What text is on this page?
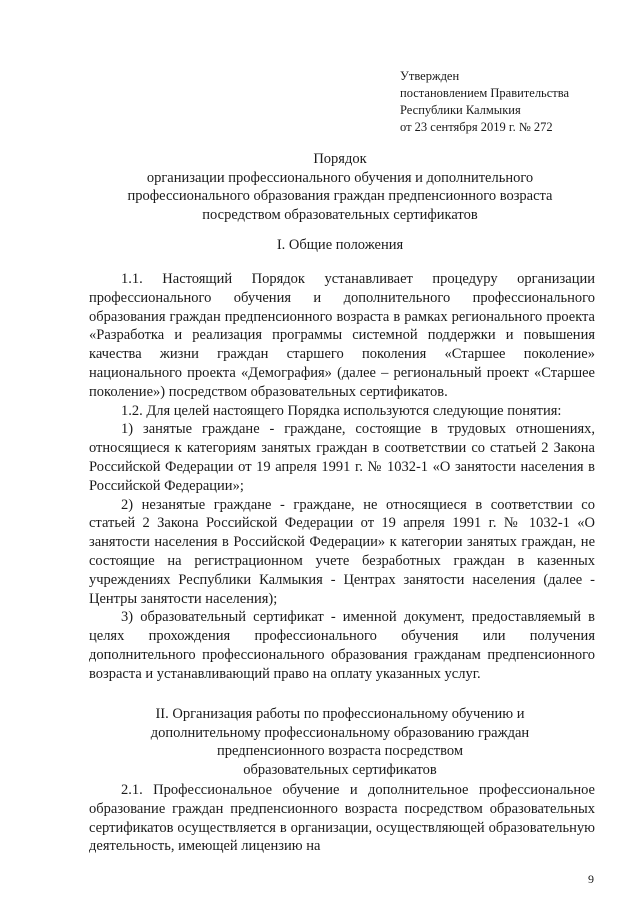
Утвержден
постановлением Правительства
Республики Калмыкия
от 23 сентября 2019 г. № 272
Порядок
организации профессионального обучения и дополнительного
профессионального образования граждан предпенсионного возраста
посредством образовательных сертификатов
I. Общие положения

1.1. Настоящий Порядок устанавливает процедуру организации профессионального обучения и дополнительного профессионального образования граждан предпенсионного возраста в рамках регионального проекта «Разработка и реализация программы системной поддержки и повышения качества жизни граждан старшего поколения «Старшее поколение» национального проекта «Демография» (далее – региональный проект «Старшее поколение») посредством образовательных сертификатов.

1.2. Для целей настоящего Порядка используются следующие понятия:

1) занятые граждане - граждане, состоящие в трудовых отношениях, относящиеся к категориям занятых граждан в соответствии со статьей 2 Закона Российской Федерации от 19 апреля 1991 г. № 1032-1 «О занятости населения в Российской Федерации»;

2) незанятые граждане - граждане, не относящиеся в соответствии со статьей 2 Закона Российской Федерации от 19 апреля 1991 г. № 1032-1 «О занятости населения в Российской Федерации» к категории занятых граждан, не состоящие на регистрационном учете безработных граждан в казенных учреждениях Республики Калмыкия - Центрах занятости населения (далее - Центры занятости населения);

3) образовательный сертификат - именной документ, предоставляемый в целях прохождения профессионального обучения или получения дополнительного профессионального образования гражданам предпенсионного возраста и устанавливающий право на оплату указанных услуг.

II. Организация работы по профессиональному обучению и
дополнительному профессиональному образованию граждан
предпенсионного возраста посредством
образовательных сертификатов

2.1. Профессиональное обучение и дополнительное профессиональное образование граждан предпенсионного возраста посредством образовательных сертификатов осуществляется в организации, осуществляющей образовательную деятельность, имеющей лицензию на

9
